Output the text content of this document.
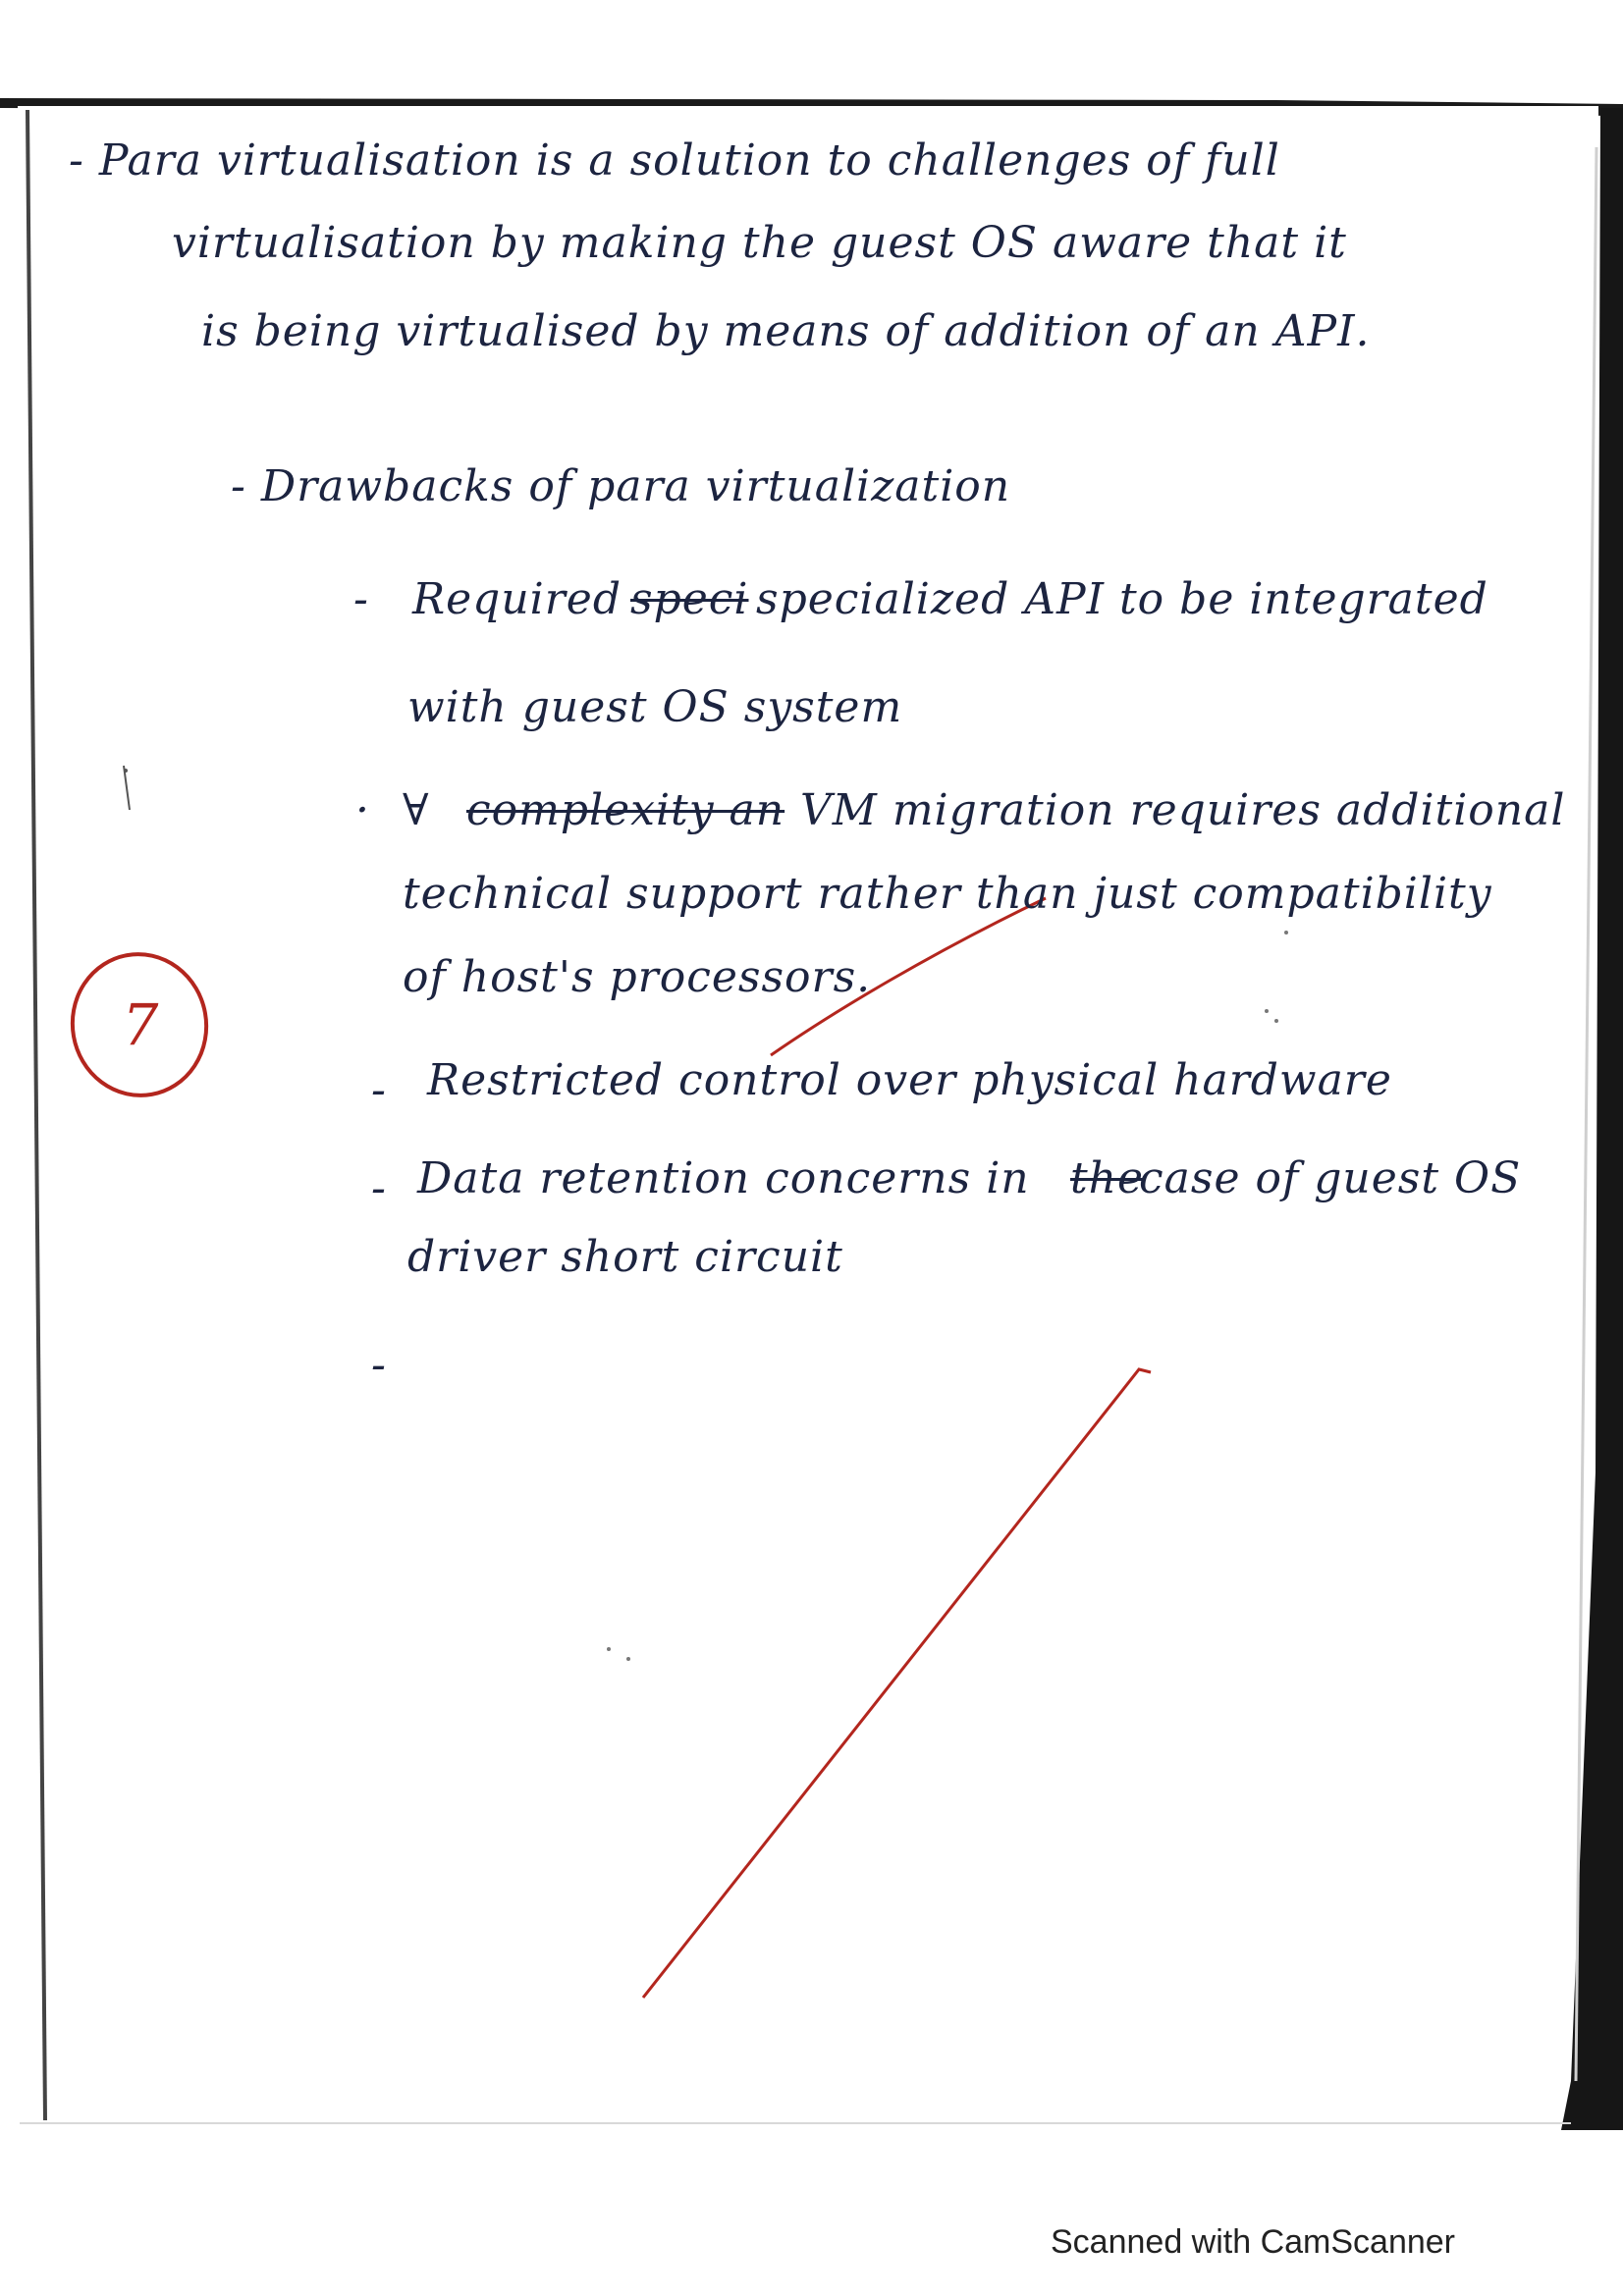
- Para virtualisation is a solution to challenges of full

virtualisation by making the guest OS aware that it

is being virtualised by means of addition of an API.

- Drawbacks of para virtualization

- Required speci specialized API to be integrated

with guest OS system

· ∀ complexity an VM migration requires additional

technical support rather than just compatibility

of host's processors.

- Restricted control over physical hardware
- Data retention concerns in the
case of guest OS

driver short circuit

-
7
Scanned with CamScanner
